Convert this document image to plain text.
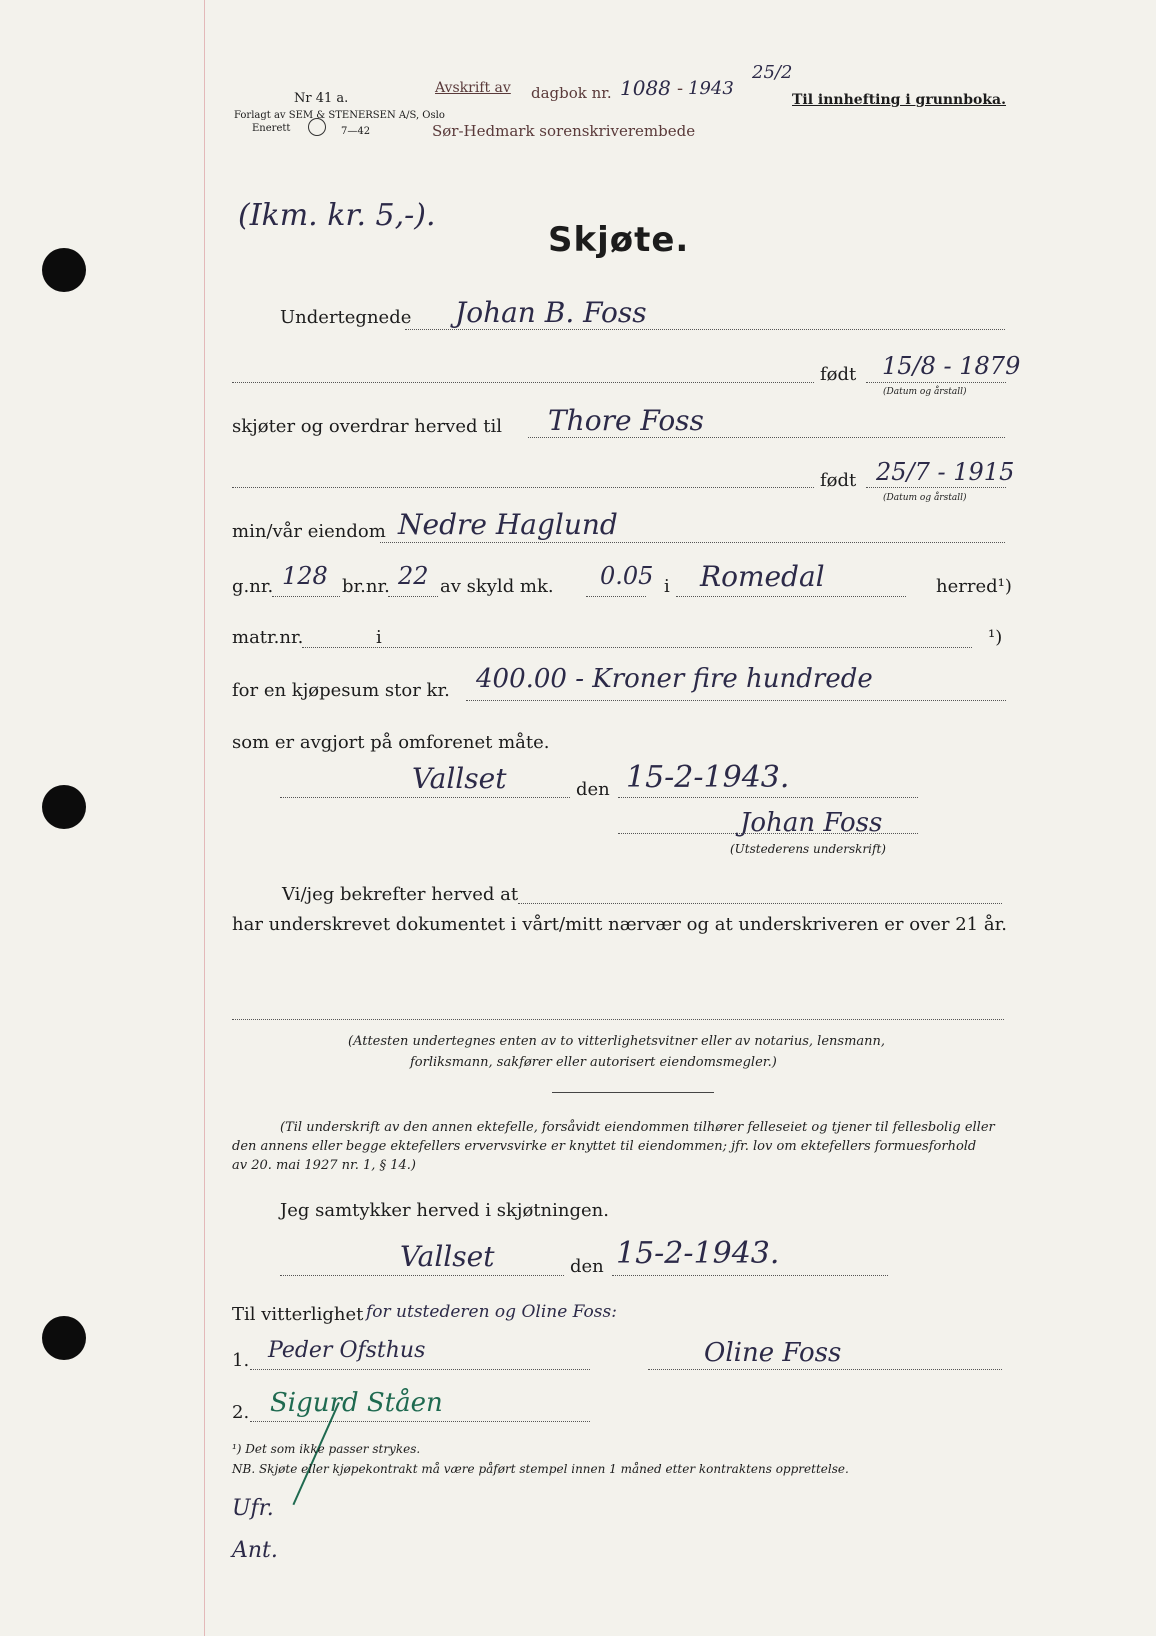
Nr 41 a.
Forlagt av SEM & STENERSEN A/S, Oslo
Enerett	7—42
Avskrift av dagbok nr. 1088 - 1943
25/2
Til innhefting i grunnboka.
Sør-Hedmark sorenskriverembede
(Ikm. kr. 5,-).
Skjøte.
Undertegnede Johan B. Foss
født 15/8 - 1879
(Datum og årstall)
skjøter og overdrar herved til Thore Foss
født 25/7 - 1915
(Datum og årstall)
min/vår eiendom Nedre Haglund
g.nr. 128 br.nr. 22 av skyld mk. 0.05 i Romedal	herred¹)
matr.nr.	i	¹)
for en kjøpesum stor kr. 400.00 - Kroner fire hundrede
som er avgjort på omforenet måte.
Vallset	den 15-2-1943.
Johan Foss
(Utstederens underskrift)
Vi/jeg bekrefter herved at
har underskrevet dokumentet i vårt/mitt nærvær og at underskriveren er over 21 år.
(Attesten undertegnes enten av to vitterlighetsvitner eller av notarius, lensmann,
forliksmann, sakfører eller autorisert eiendomsmegler.)
(Til underskrift av den annen ektefelle, forsåvidt eiendommen tilhører felleseiet og tjener til fellesbolig eller
den annens eller begge ektefellers ervervsvirke er knyttet til eiendommen; jfr. lov om ektefellers formuesforhold
av 20. mai 1927 nr. 1, § 14.)
Jeg samtykker herved i skjøtningen.
Vallset	den 15-2-1943.
Til vitterlighet for utstederen og Oline Foss:
1. Peder Ofsthus	Oline Foss
2. Sigurd Ståen
¹) Det som ikke passer strykes.
NB. Skjøte eller kjøpekontrakt må være påført stempel innen 1 måned etter kontraktens opprettelse.
Ufr.
Ant.
